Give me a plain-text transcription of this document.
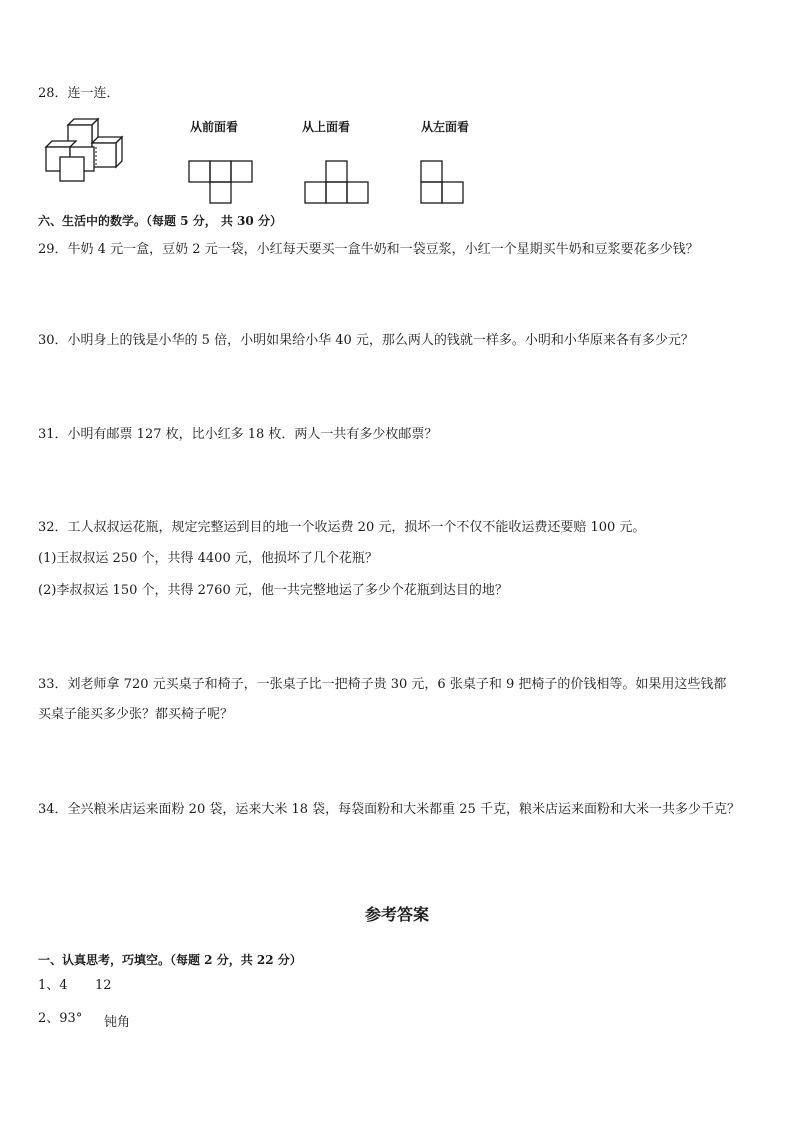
28．连一连．
从前面看	从上面看	从左面看
六、生活中的数学。（每题 5 分， 共 30 分）
29．牛奶 4 元一盒，豆奶 2 元一袋，小红每天要买一盒牛奶和一袋豆浆，小红一个星期买牛奶和豆浆要花多少钱？
30．小明身上的钱是小华的 5 倍，小明如果给小华 40 元，那么两人的钱就一样多。小明和小华原来各有多少元？
31．小明有邮票 127 枚，比小红多 18 枚．两人一共有多少枚邮票？
32．工人叔叔运花瓶，规定完整运到目的地一个收运费 20 元，损坏一个不仅不能收运费还要赔 100 元。
(1)王叔叔运 250 个，共得 4400 元，他损坏了几个花瓶？
(2)李叔叔运 150 个，共得 2760 元，他一共完整地运了多少个花瓶到达目的地？
33．刘老师拿 720 元买桌子和椅子，一张桌子比一把椅子贵 30 元，6 张桌子和 9 把椅子的价钱相等。如果用这些钱都
买桌子能买多少张？都买椅子呢？
34．全兴粮米店运来面粉 20 袋，运来大米 18 袋，每袋面粉和大米都重 25 千克，粮米店运来面粉和大米一共多少千克？
参考答案
一、认真思考，巧填空。（每题 2 分，共 22 分）
1、4 12
2、93° 钝角
